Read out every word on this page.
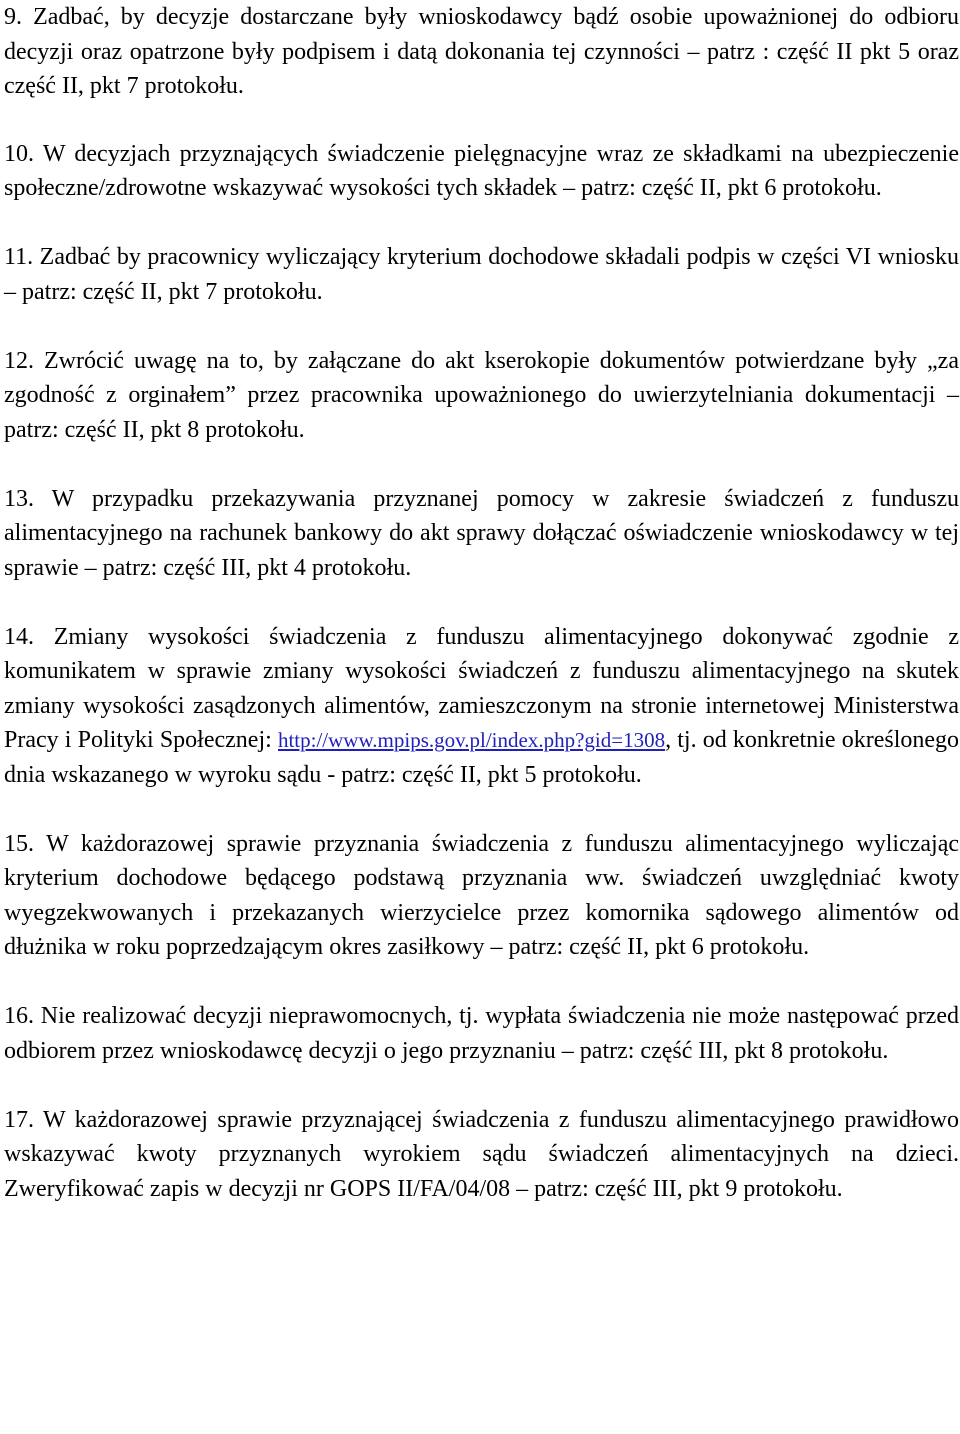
9. Zadbać, by decyzje dostarczane były wnioskodawcy bądź osobie upoważnionej do odbioru decyzji oraz opatrzone były podpisem i datą dokonania tej czynności – patrz : część II pkt 5 oraz część II, pkt 7 protokołu.

10. W decyzjach przyznających świadczenie pielęgnacyjne wraz ze składkami na ubezpieczenie społeczne/zdrowotne wskazywać wysokości tych składek – patrz: część II, pkt 6 protokołu.

11. Zadbać by pracownicy wyliczający kryterium dochodowe składali podpis w części VI wniosku – patrz: część II, pkt 7 protokołu.

12. Zwrócić uwagę na to, by załączane do akt kserokopie dokumentów potwierdzane były „za zgodność z orginałem” przez pracownika upoważnionego do uwierzytelniania dokumentacji – patrz: część II, pkt 8 protokołu.

13. W przypadku przekazywania przyznanej pomocy w zakresie świadczeń z funduszu alimentacyjnego na rachunek bankowy do akt sprawy dołączać oświadczenie wnioskodawcy w tej sprawie – patrz: część III, pkt 4 protokołu.

14. Zmiany wysokości świadczenia z funduszu alimentacyjnego dokonywać zgodnie z komunikatem w sprawie zmiany wysokości świadczeń z funduszu alimentacyjnego na skutek zmiany wysokości zasądzonych alimentów, zamieszczonym na stronie internetowej Ministerstwa Pracy i Polityki Społecznej: http://www.mpips.gov.pl/index.php?gid=1308, tj. od konkretnie określonego dnia wskazanego w wyroku sądu - patrz: część II, pkt 5 protokołu.

15. W każdorazowej sprawie przyznania świadczenia z funduszu alimentacyjnego wyliczając kryterium dochodowe będącego podstawą przyznania ww. świadczeń uwzględniać kwoty wyegzekwowanych i przekazanych wierzycielce przez komornika sądowego alimentów od dłużnika w roku poprzedzającym okres zasiłkowy – patrz: część II, pkt 6 protokołu.

16. Nie realizować decyzji nieprawomocnych, tj. wypłata świadczenia nie może następować przed odbiorem przez wnioskodawcę decyzji o jego przyznaniu – patrz: część III, pkt 8 protokołu.

17. W każdorazowej sprawie przyznającej świadczenia z funduszu alimentacyjnego prawidłowo wskazywać kwoty przyznanych wyrokiem sądu świadczeń alimentacyjnych na dzieci. Zweryfikować zapis w decyzji nr GOPS II/FA/04/08 – patrz: część III, pkt 9 protokołu.
